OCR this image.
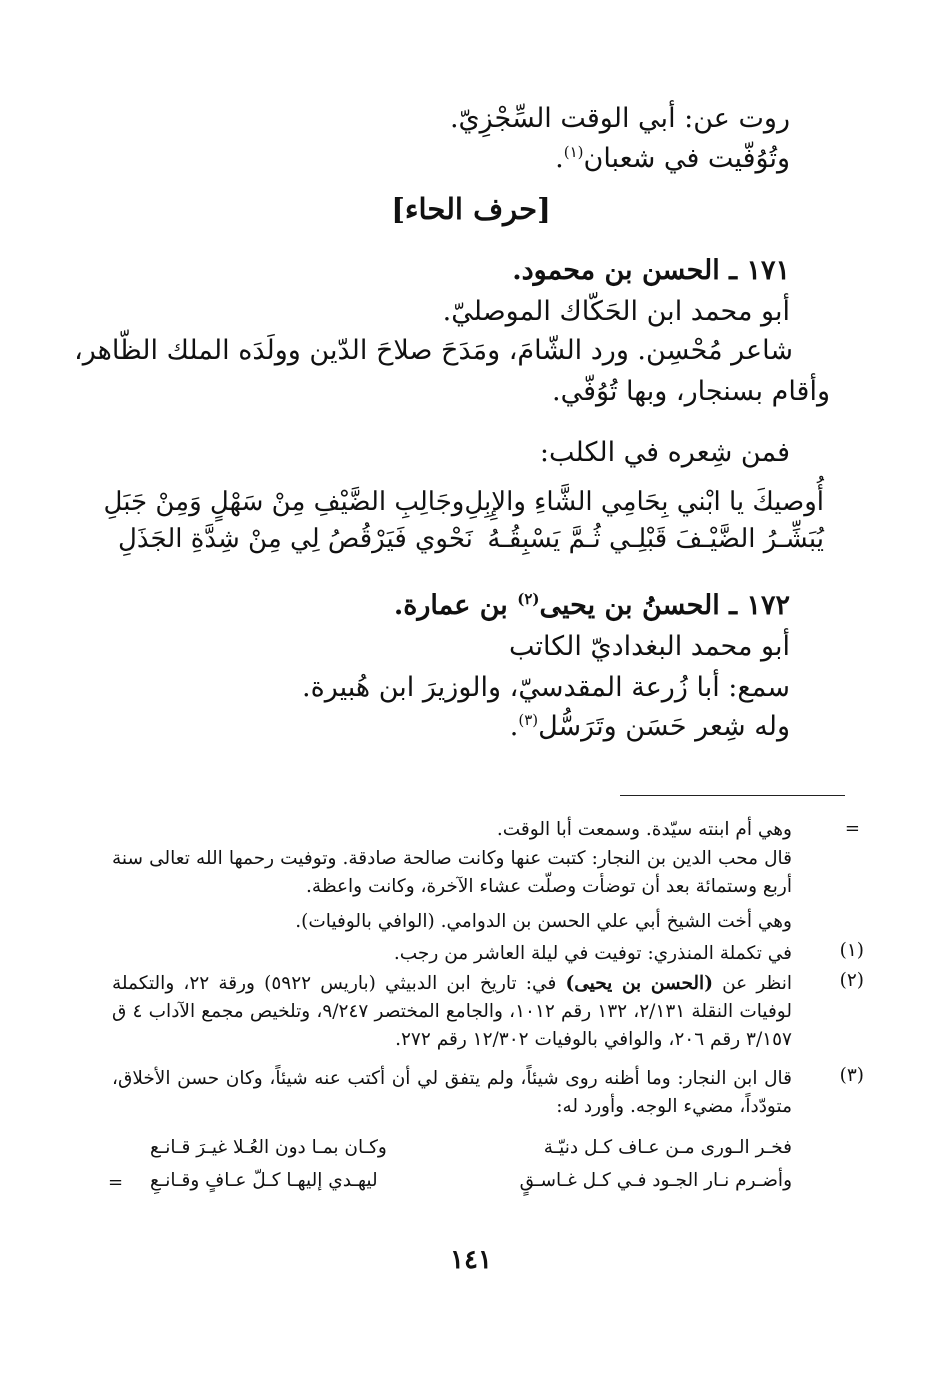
روت عن: أبي الوقت السِّجْزِيّ.
وتُوُفّيت في شعبان$^{(١)}$.
[حرف الحاء]
١٧١ ـ الحسن بن محمود.
أبو محمد ابن الحَكّاك الموصليّ.
شاعر مُحْسِن. ورد الشّامَ، ومَدَحَ صلاحَ الدّين وولَدَه الملك الظّاهر،
وأقام بسنجار، وبها تُوُفّي.
فمن شِعره في الكلب:
أُوصيكَ يا ابْني بِحَامِي الشَّاءِ والإِبِلِ
وجَالِبِ الضَّيْفِ مِنْ سَهْلٍ وَمِنْ جَبَلِ
يُبَشِّـرُ الضَّيْـفَ قَبْلِـي ثُـمَّ يَسْبِقُـهُ
نَحْوي فَيَرْقُصُ لِي مِنْ شِدَّةِ الجَذَلِ
١٧٢ ـ الحسنُ بن يحيى$^{(٢)}$ بن عمارة.
أبو محمد البغداديّ الكاتب
سمع: أبا زُرعة المقدسيّ، والوزيرَ ابن هُبيرة.
وله شِعر حَسَن وتَرَسُّل$^{(٣)}$.
=
وهي أم ابنته سيّدة. وسمعت أبا الوقت.
قال محب الدين بن النجار: كتبت عنها وكانت صالحة صادقة. وتوفيت رحمها الله تعالى سنة أربع وستمائة بعد أن توضأت وصلّت عشاء الآخرة، وكانت واعظة.
وهي أخت الشيخ أبي علي الحسن بن الدوامي. (الوافي بالوفيات).
(١)
في تكملة المنذري: توفيت في ليلة العاشر من رجب.
(٢)
انظر عن (الحسن بن يحيى) في: تاريخ ابن الدبيثي (باريس ٥٩٢٢) ورقة ٢٢، والتكملة لوفيات النقلة ٢/١٣١، ١٣٢ رقم ١٠١٢، والجامع المختصر ٩/٢٤٧، وتلخيص مجمع الآداب ٤ ق ٣/١٥٧ رقم ٢٠٦، والوافي بالوفيات ١٢/٣٠٢ رقم ٢٧٢.
(٣)
قال ابن النجار: وما أظنه روى شيئاً، ولم يتفق لي أن أكتب عنه شيئاً، وكان حسن الأخلاق، متودّداً، مضيء الوجه. وأورد له:
فخـر الـورى مـن عـاف كـل دنيّـة
وكـان بمـا دون العُـلا غيـرَ قـانـع
وأضـرم نـار الجـود فـي كـل غـاسـقٍ
ليهـدي إليهـا كـلّ عـافٍ وقـانـعِ
=
١٤١
